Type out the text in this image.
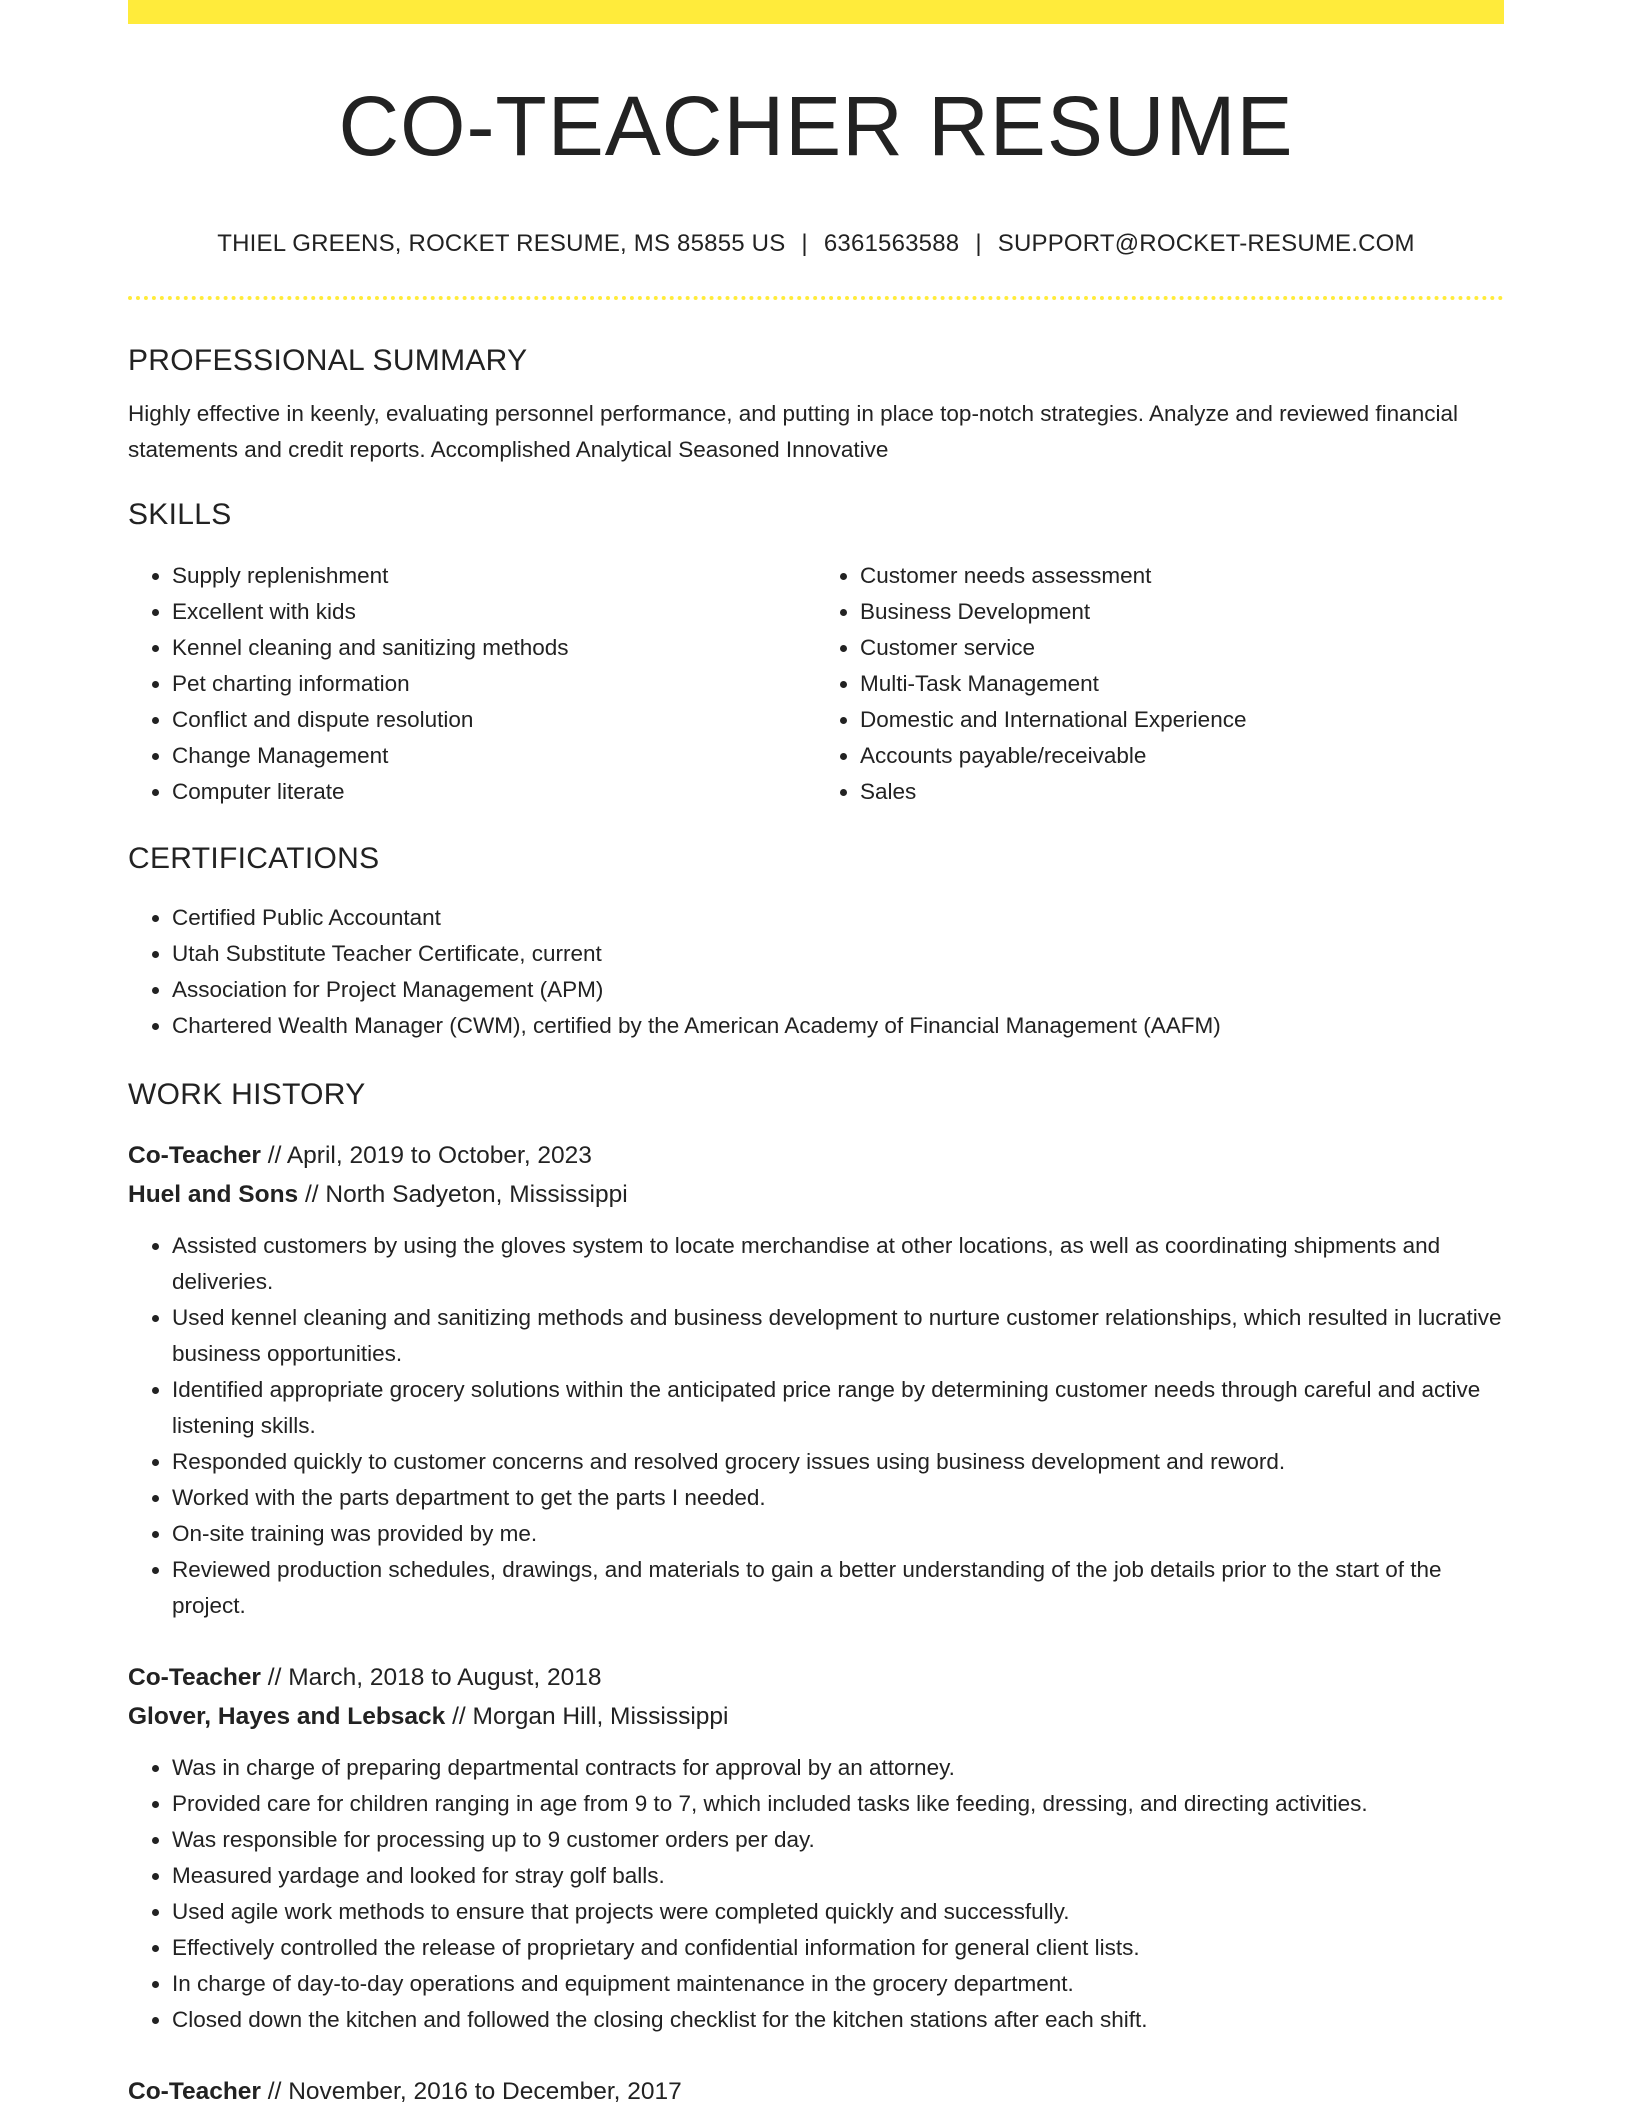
CO-TEACHER RESUME
THIEL GREENS, ROCKET RESUME, MS 85855 US | 6361563588 | SUPPORT@ROCKET-RESUME.COM
PROFESSIONAL SUMMARY
Highly effective in keenly, evaluating personnel performance, and putting in place top-notch strategies. Analyze and reviewed financial statements and credit reports. Accomplished Analytical Seasoned Innovative
SKILLS
• Supply replenishment
• Excellent with kids
• Kennel cleaning and sanitizing methods
• Pet charting information
• Conflict and dispute resolution
• Change Management
• Computer literate
• Customer needs assessment
• Business Development
• Customer service
• Multi-Task Management
• Domestic and International Experience
• Accounts payable/receivable
• Sales
CERTIFICATIONS
• Certified Public Accountant
• Utah Substitute Teacher Certificate, current
• Association for Project Management (APM)
• Chartered Wealth Manager (CWM), certified by the American Academy of Financial Management (AAFM)
WORK HISTORY
Co-Teacher // April, 2019 to October, 2023
Huel and Sons // North Sadyeton, Mississippi
• Assisted customers by using the gloves system to locate merchandise at other locations, as well as coordinating shipments and deliveries.
• Used kennel cleaning and sanitizing methods and business development to nurture customer relationships, which resulted in lucrative business opportunities.
• Identified appropriate grocery solutions within the anticipated price range by determining customer needs through careful and active listening skills.
• Responded quickly to customer concerns and resolved grocery issues using business development and reword.
• Worked with the parts department to get the parts I needed.
• On-site training was provided by me.
• Reviewed production schedules, drawings, and materials to gain a better understanding of the job details prior to the start of the project.
Co-Teacher // March, 2018 to August, 2018
Glover, Hayes and Lebsack // Morgan Hill, Mississippi
• Was in charge of preparing departmental contracts for approval by an attorney.
• Provided care for children ranging in age from 9 to 7, which included tasks like feeding, dressing, and directing activities.
• Was responsible for processing up to 9 customer orders per day.
• Measured yardage and looked for stray golf balls.
• Used agile work methods to ensure that projects were completed quickly and successfully.
• Effectively controlled the release of proprietary and confidential information for general client lists.
• In charge of day-to-day operations and equipment maintenance in the grocery department.
• Closed down the kitchen and followed the closing checklist for the kitchen stations after each shift.
Co-Teacher // November, 2016 to December, 2017
